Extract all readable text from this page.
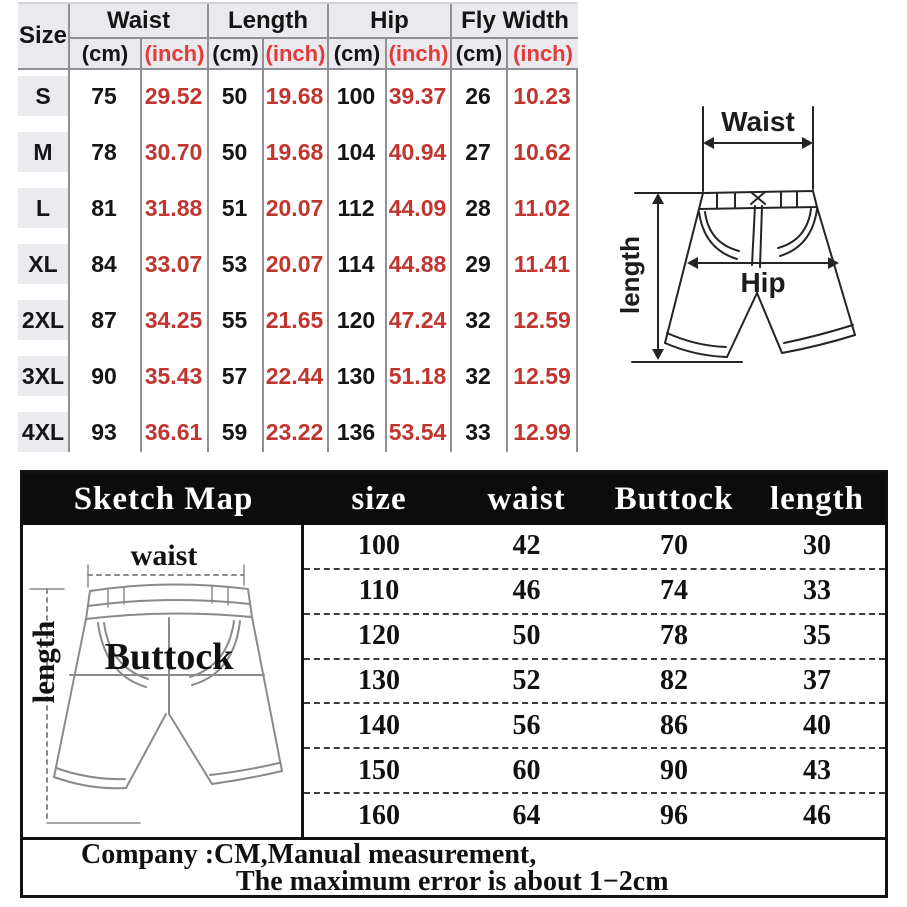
Size
Waist	Length	Hip	Fly Width
(cm) (inch) (cm) (inch) (cm) (inch) (cm) (inch)
S	75	29.52 50 19.68 100 39.37 26 10.23
M	78	30.70 50 19.68 104 40.94 27 10.62
L	81	31.88 51 20.07 112 44.09 28	11.02
XL	84	33.07 53 20.07 114 44.88 29	11.41
2XL	87	34.25 55 21.65 120 47.24 32 12.59
3XL	90	35.43 57 22.44 130 51.18 32 12.59
4XL	93	36.61 59 23.22 136 53.54 33 12.99
Waist
Hip
length
Sketch Map	size	waist	Buttock	length
100	42	70	30
110	46	74	33
120	50	78	35
130	52	82	37
140	56	86	40
150	60	90	43
160	64	96	46
Company :CM,Manual measurement,
The maximum error is about 1−2cm
waist
Buttock
length
